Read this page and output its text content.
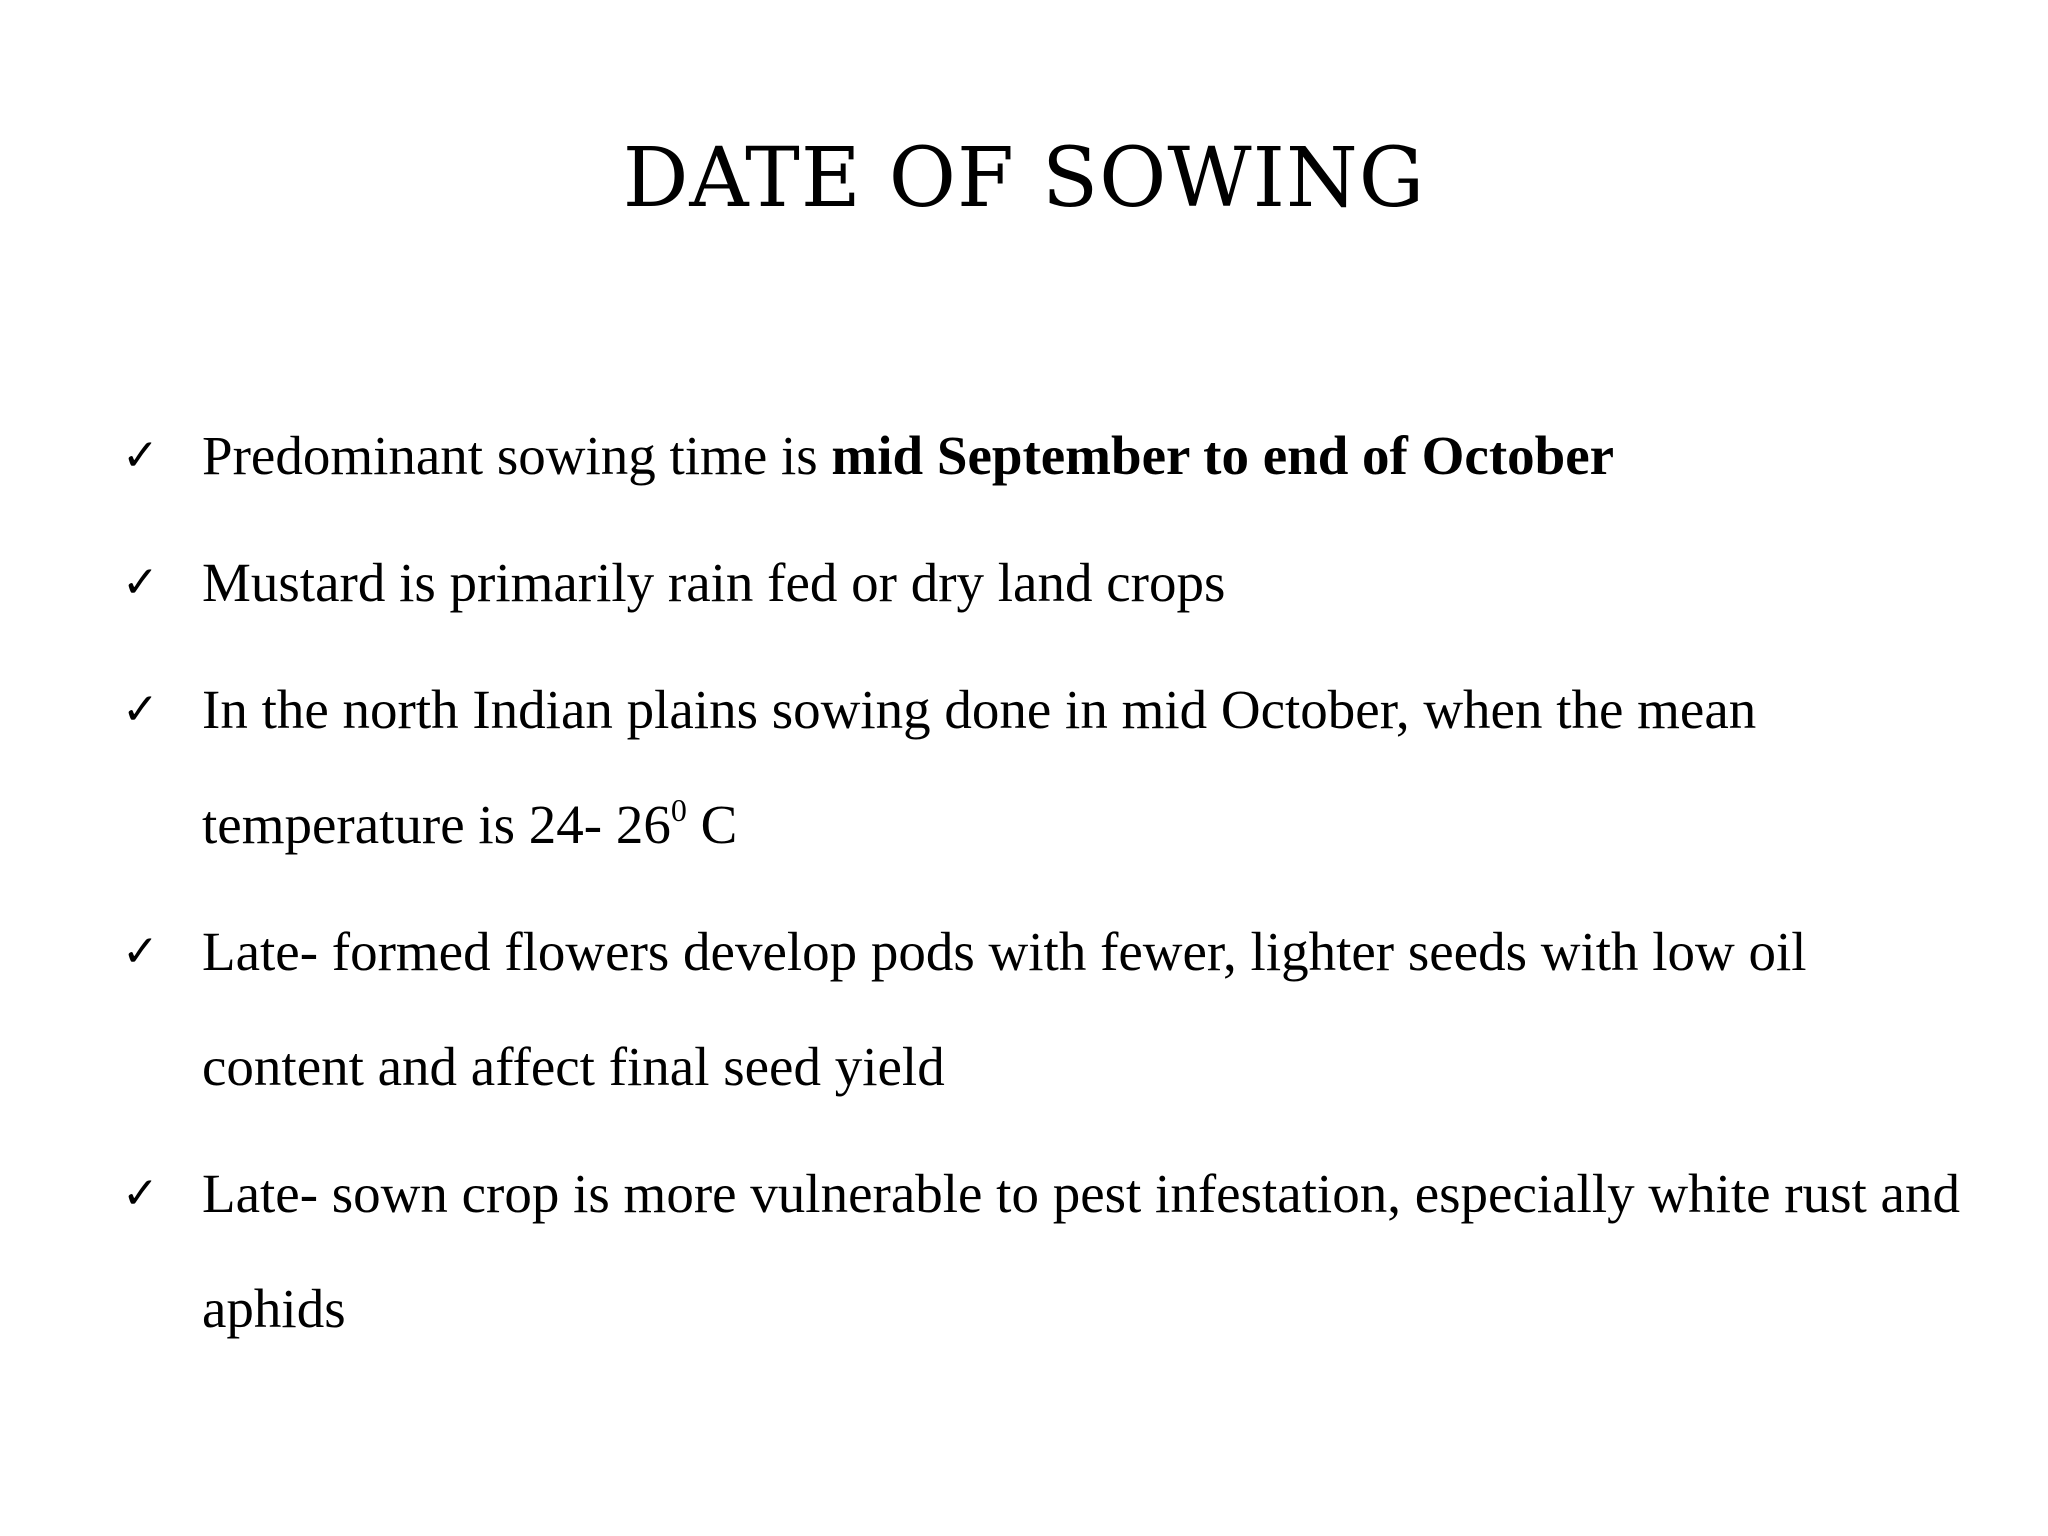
DATE OF SOWING
✓ Predominant sowing time is mid September to end of October
✓ Mustard is primarily rain fed or dry land crops
✓ In the north Indian plains sowing done in mid October, when the mean temperature is 24- $26^0$ C
✓ Late- formed flowers develop pods with fewer, lighter seeds with low oil content and affect final seed yield
✓ Late- sown crop is more vulnerable to pest infestation, especially white rust and aphids
